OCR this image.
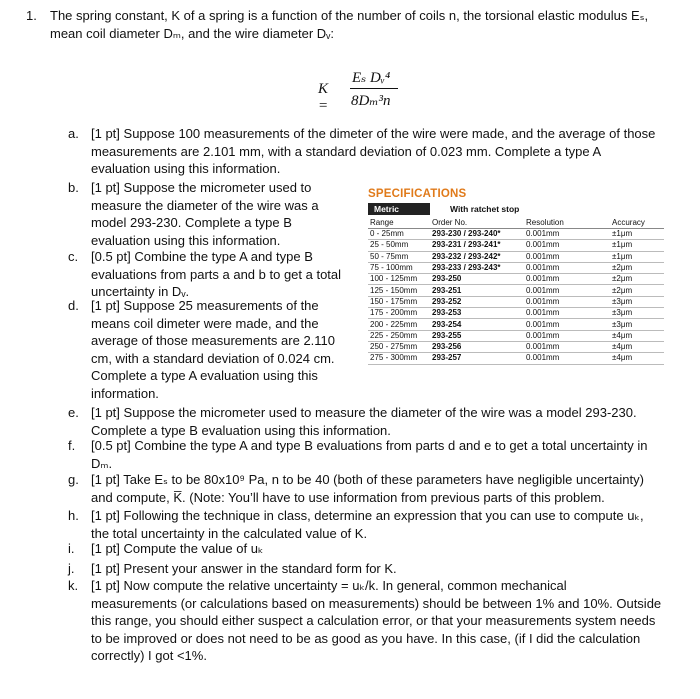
1. The spring constant, K of a spring is a function of the number of coils n, the torsional elastic modulus Eₛ,
mean coil diameter Dₘ, and the wire diameter Dᵥ:
K =
Eₛ Dᵥ⁴
8Dₘ³n
a. [1 pt] Suppose 100 measurements of the dimeter of the wire were made, and the average of those
measurements are 2.101 mm, with a standard deviation of 0.023 mm. Complete a type A
evaluation using this information.
b. [1 pt] Suppose the micrometer used to
measure the diameter of the wire was a
model 293-230. Complete a type B
evaluation using this information.
c. [0.5 pt] Combine the type A and type B
evaluations from parts a and b to get a total
uncertainty in Dᵥ.
d. [1 pt] Suppose 25 measurements of the
means coil dimeter were made, and the
average of those measurements are 2.110
cm, with a standard deviation of 0.024 cm.
Complete a type A evaluation using this
information.
e. [1 pt] Suppose the micrometer used to measure the diameter of the wire was a model 293-230.
Complete a type B evaluation using this information.
f. [0.5 pt] Combine the type A and type B evaluations from parts d and e to get a total uncertainty in
Dₘ.
g. [1 pt] Take Eₛ to be 80x10⁹ Pa, n to be 40 (both of these parameters have negligible uncertainty)
and compute, K̅. (Note: You’ll have to use information from previous parts of this problem.
h. [1 pt] Following the technique in class, determine an expression that you can use to compute uₖ,
the total uncertainty in the calculated value of K.
i. [1 pt] Compute the value of uₖ
j. [1 pt] Present your answer in the standard form for K.
k. [1 pt] Now compute the relative uncertainty = uₖ/k. In general, common mechanical
measurements (or calculations based on measurements) should be between 1% and 10%. Outside
this range, you should either suspect a calculation error, or that your measurements system needs
to be improved or does not need to be as good as you have. In this case, (if I did the calculation
correctly) I got <1%.
SPECIFICATIONS
Metric	With ratchet stop
Range	Order No.	Resolution	Accuracy
0 - 25mm	293-230 / 293-240*	0.001mm	±1μm
25 - 50mm	293-231 / 293-241*	0.001mm	±1μm
50 - 75mm	293-232 / 293-242*	0.001mm	±1μm
75 - 100mm	293-233 / 293-243*	0.001mm	±2μm
100 - 125mm	293-250	0.001mm	±2μm
125 - 150mm	293-251	0.001mm	±2μm
150 - 175mm	293-252	0.001mm	±3μm
175 - 200mm	293-253	0.001mm	±3μm
200 - 225mm	293-254	0.001mm	±3μm
225 - 250mm	293-255	0.001mm	±4μm
250 - 275mm	293-256	0.001mm	±4μm
275 - 300mm	293-257	0.001mm	±4μm
